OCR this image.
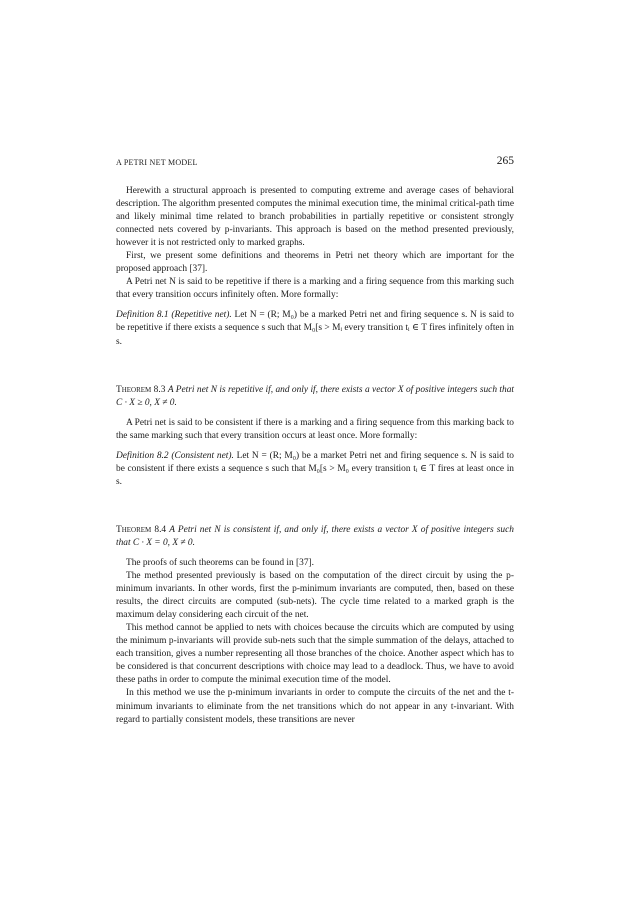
A PETRI NET MODEL	265

Herewith a structural approach is presented to computing extreme and average cases of behavioral description. The algorithm presented computes the minimal execution time, the minimal critical-path time and likely minimal time related to branch probabilities in partially repetitive or consistent strongly connected nets covered by p-invariants. This approach is based on the method presented previously, however it is not restricted only to marked graphs.

First, we present some definitions and theorems in Petri net theory which are important for the proposed approach [37].

A Petri net N is said to be repetitive if there is a marking and a firing sequence from this marking such that every transition occurs infinitely often. More formally:

Definition 8.1 (Repetitive net). Let N = (R; M₀) be a marked Petri net and firing sequence s. N is said to be repetitive if there exists a sequence s such that M₀[s > Mᵢ every transition tᵢ ∈ T fires infinitely often in s.

Theorem 8.3 A Petri net N is repetitive if, and only if, there exists a vector X of positive integers such that C · X ≥ 0, X ≠ 0.

A Petri net is said to be consistent if there is a marking and a firing sequence from this marking back to the same marking such that every transition occurs at least once. More formally:

Definition 8.2 (Consistent net). Let N = (R; M₀) be a market Petri net and firing sequence s. N is said to be consistent if there exists a sequence s such that M₀[s > M₀ every transition tᵢ ∈ T fires at least once in s.

Theorem 8.4 A Petri net N is consistent if, and only if, there exists a vector X of positive integers such that C · X = 0, X ≠ 0.

The proofs of such theorems can be found in [37].

The method presented previously is based on the computation of the direct circuit by using the p-minimum invariants. In other words, first the p-minimum invariants are computed, then, based on these results, the direct circuits are computed (sub-nets). The cycle time related to a marked graph is the maximum delay considering each circuit of the net.

This method cannot be applied to nets with choices because the circuits which are computed by using the minimum p-invariants will provide sub-nets such that the simple summation of the delays, attached to each transition, gives a number representing all those branches of the choice. Another aspect which has to be considered is that concurrent descriptions with choice may lead to a deadlock. Thus, we have to avoid these paths in order to compute the minimal execution time of the model.

In this method we use the p-minimum invariants in order to compute the circuits of the net and the t-minimum invariants to eliminate from the net transitions which do not appear in any t-invariant. With regard to partially consistent models, these transitions are never
